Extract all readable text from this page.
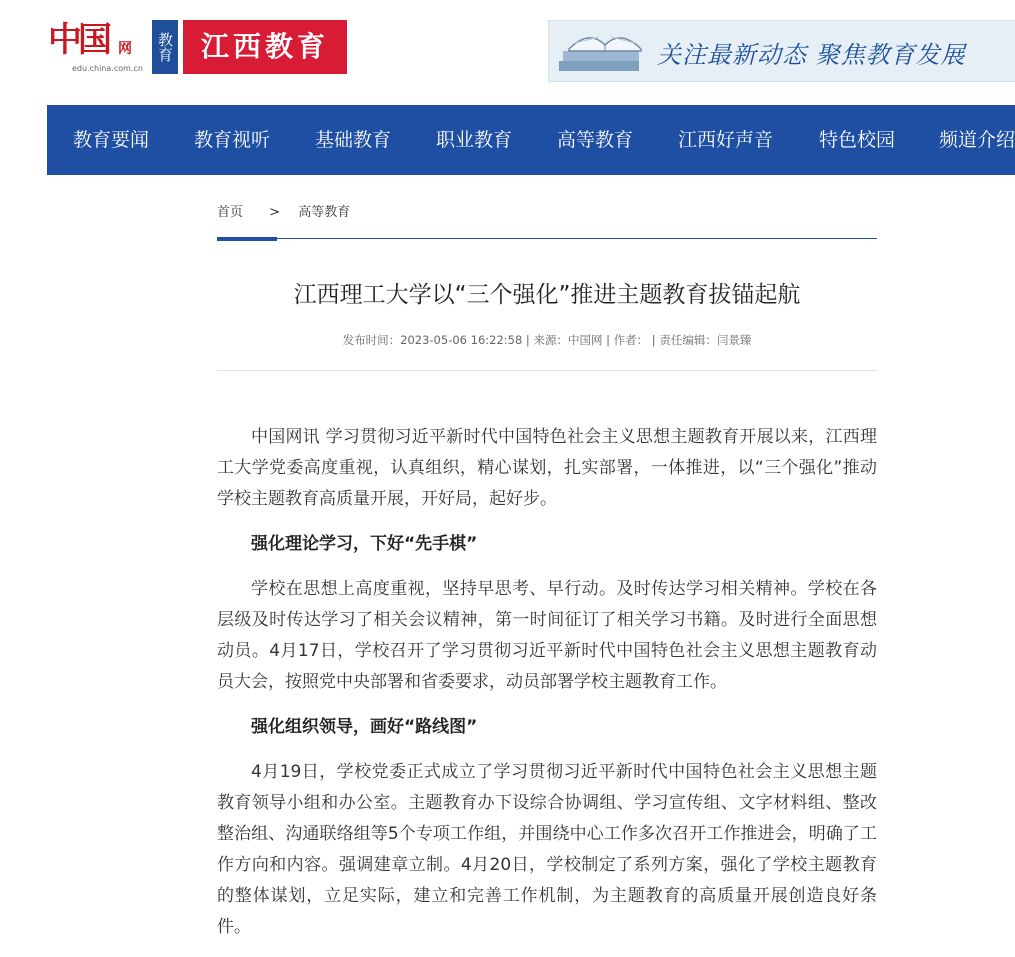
中国 网
edu.china.com.cn
教育 江西教育	关注最新动态 聚焦教育发展
教育要闻 教育视听 基础教育 职业教育 高等教育 江西好声音 特色校园 频道介绍
首页 > 高等教育
江西理工大学以“三个强化”推进主题教育拔锚起航
发布时间：2023-05-06 16:22:58 | 来源：中国网 | 作者： | 责任编辑：闫景臻

中国网讯 学习贯彻习近平新时代中国特色社会主义思想主题教育开展以来，江西理工大学党委高度重视，认真组织，精心谋划，扎实部署，一体推进，以“三个强化”推动学校主题教育高质量开展，开好局，起好步。

强化理论学习，下好“先手棋”

学校在思想上高度重视，坚持早思考、早行动。及时传达学习相关精神。学校在各层级及时传达学习了相关会议精神，第一时间征订了相关学习书籍。及时进行全面思想动员。4月17日，学校召开了学习贯彻习近平新时代中国特色社会主义思想主题教育动员大会，按照党中央部署和省委要求，动员部署学校主题教育工作。

强化组织领导，画好“路线图”

4月19日，学校党委正式成立了学习贯彻习近平新时代中国特色社会主义思想主题教育领导小组和办公室。主题教育办下设综合协调组、学习宣传组、文字材料组、整改整治组、沟通联络组等5个专项工作组，并围绕中心工作多次召开工作推进会，明确了工作方向和内容。强调建章立制。4月20日，学校制定了系列方案，强化了学校主题教育的整体谋划，立足实际，建立和完善工作机制，为主题教育的高质量开展创造良好条件。
